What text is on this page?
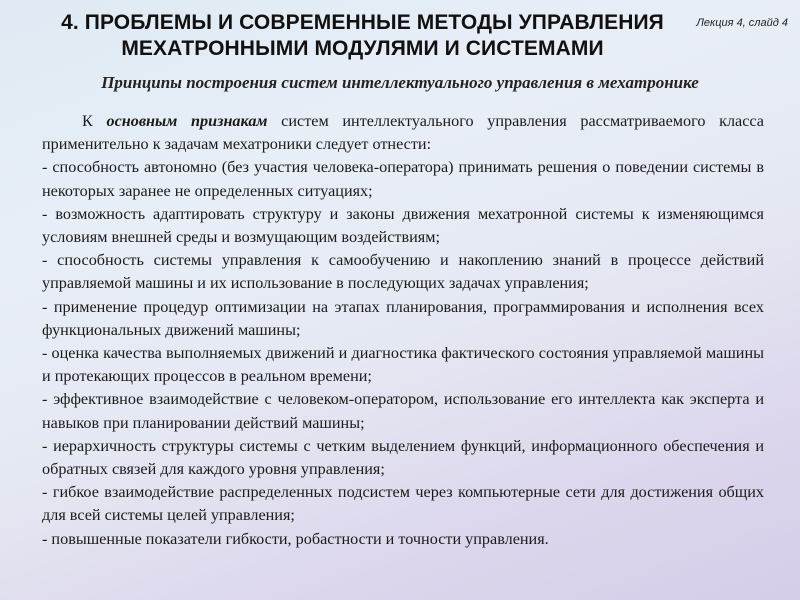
Лекция 4, слайд 4
4. ПРОБЛЕМЫ И СОВРЕМЕННЫЕ МЕТОДЫ УПРАВЛЕНИЯ
МЕХАТРОННЫМИ МОДУЛЯМИ И СИСТЕМАМИ
Принципы построения систем интеллектуального управления в мехатронике

К основным признакам систем интеллектуального управления рассматриваемого класса применительно к задачам мехатроники следует отнести:

- способность автономно (без участия человека-оператора) принимать решения о поведении системы в некоторых заранее не определенных ситуациях;

- возможность адаптировать структуру и законы движения мехатронной системы к изменяющимся условиям внешней среды и возмущающим воздействиям;

- способность системы управления к самообучению и накоплению знаний в процессе действий управляемой машины и их использование в последующих задачах управления;

- применение процедур оптимизации на этапах планирования, программирования и исполнения всех функциональных движений машины;

- оценка качества выполняемых движений и диагностика фактического состояния управляемой машины и протекающих процессов в реальном времени;

- эффективное взаимодействие с человеком-оператором, использование его интеллекта как эксперта и навыков при планировании действий машины;

- иерархичность структуры системы с четким выделением функций, информационного обеспечения и обратных связей для каждого уровня управления;

- гибкое взаимодействие распределенных подсистем через компьютерные сети для достижения общих для всей системы целей управления;

- повышенные показатели гибкости, робастности и точности управления.
